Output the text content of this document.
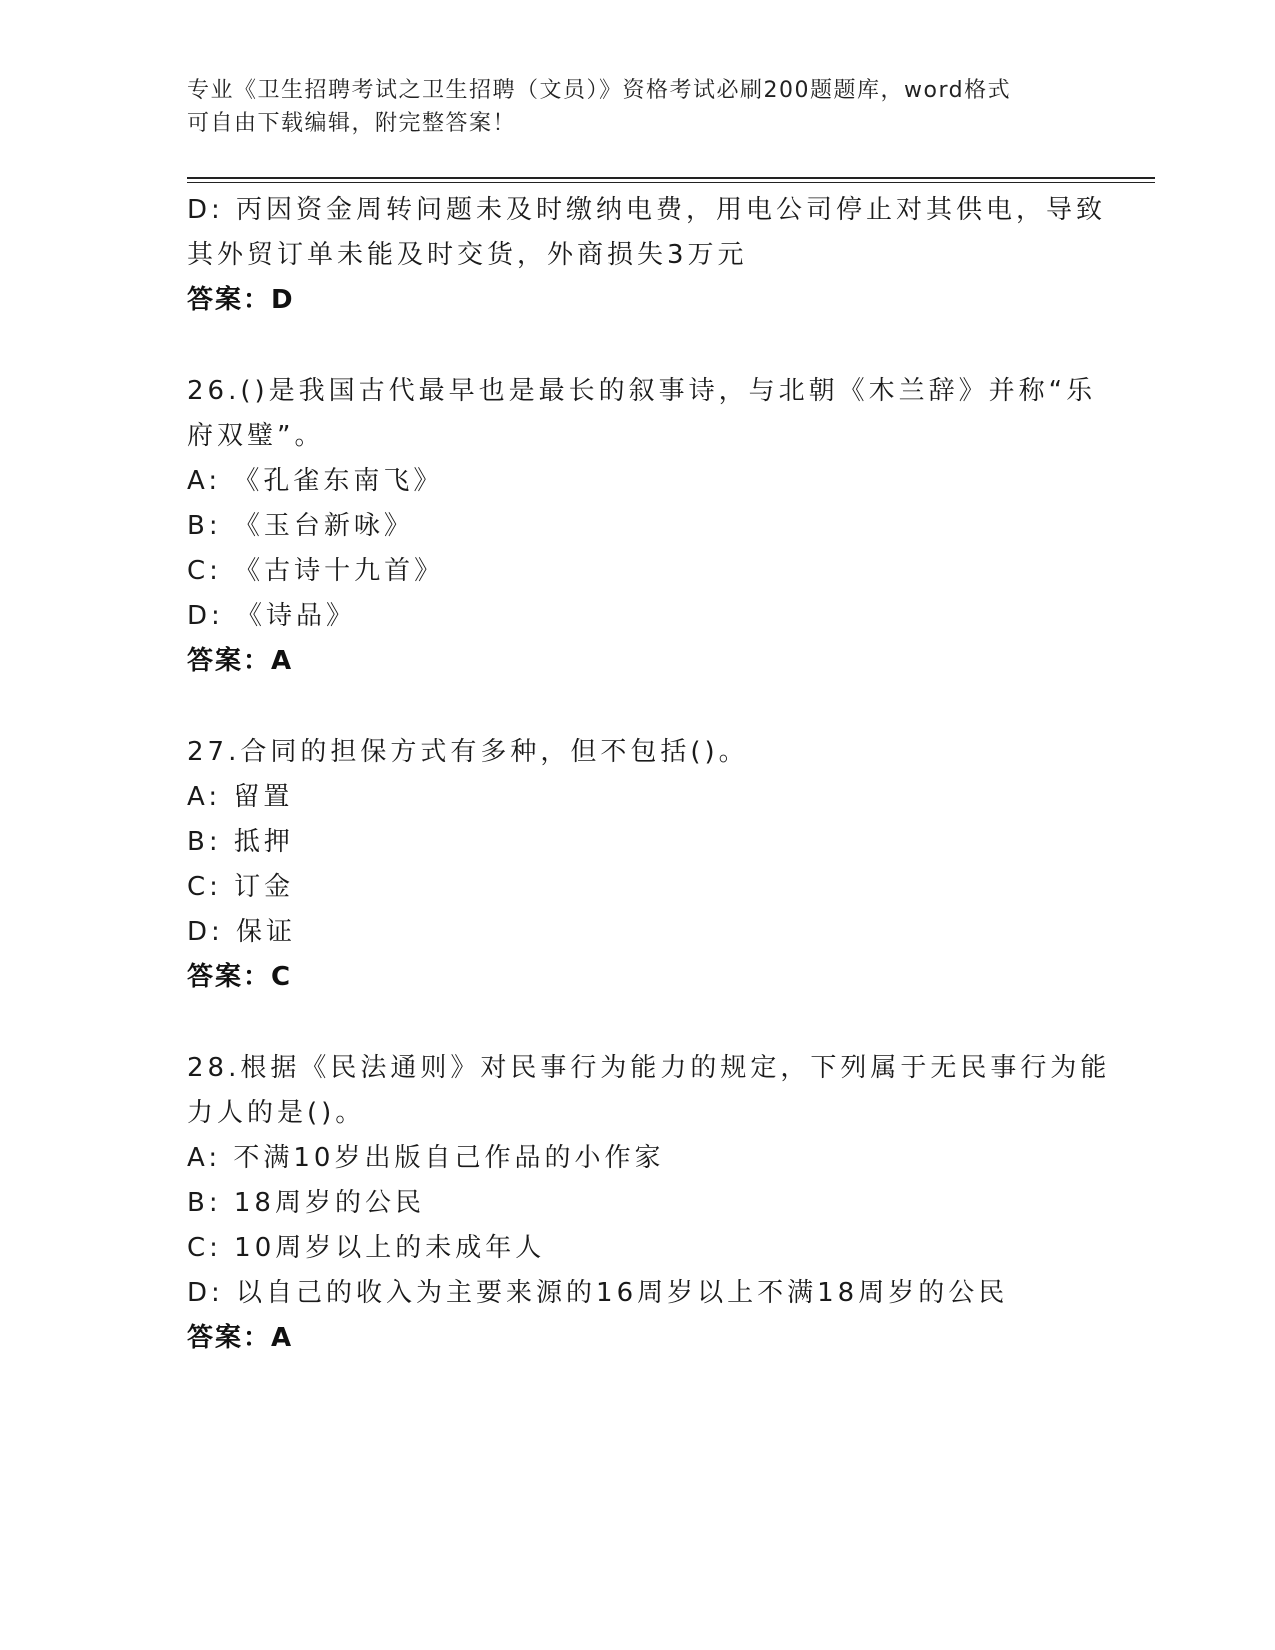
专业《卫生招聘考试之卫生招聘（文员）》资格考试必刷200题题库，word格式
可自由下载编辑，附完整答案！
D: 丙因资金周转问题未及时缴纳电费，用电公司停止对其供电，导致
其外贸订单未能及时交货，外商损失3万元
答案：D
26.()是我国古代最早也是最长的叙事诗，与北朝《木兰辞》并称“乐
府双璧”。
A: 《孔雀东南飞》
B: 《玉台新咏》
C: 《古诗十九首》
D: 《诗品》
答案：A
27.合同的担保方式有多种，但不包括()。
A: 留置
B: 抵押
C: 订金
D: 保证
答案：C
28.根据《民法通则》对民事行为能力的规定，下列属于无民事行为能
力人的是()。
A: 不满10岁出版自己作品的小作家
B: 18周岁的公民
C: 10周岁以上的未成年人
D: 以自己的收入为主要来源的16周岁以上不满18周岁的公民
答案：A
